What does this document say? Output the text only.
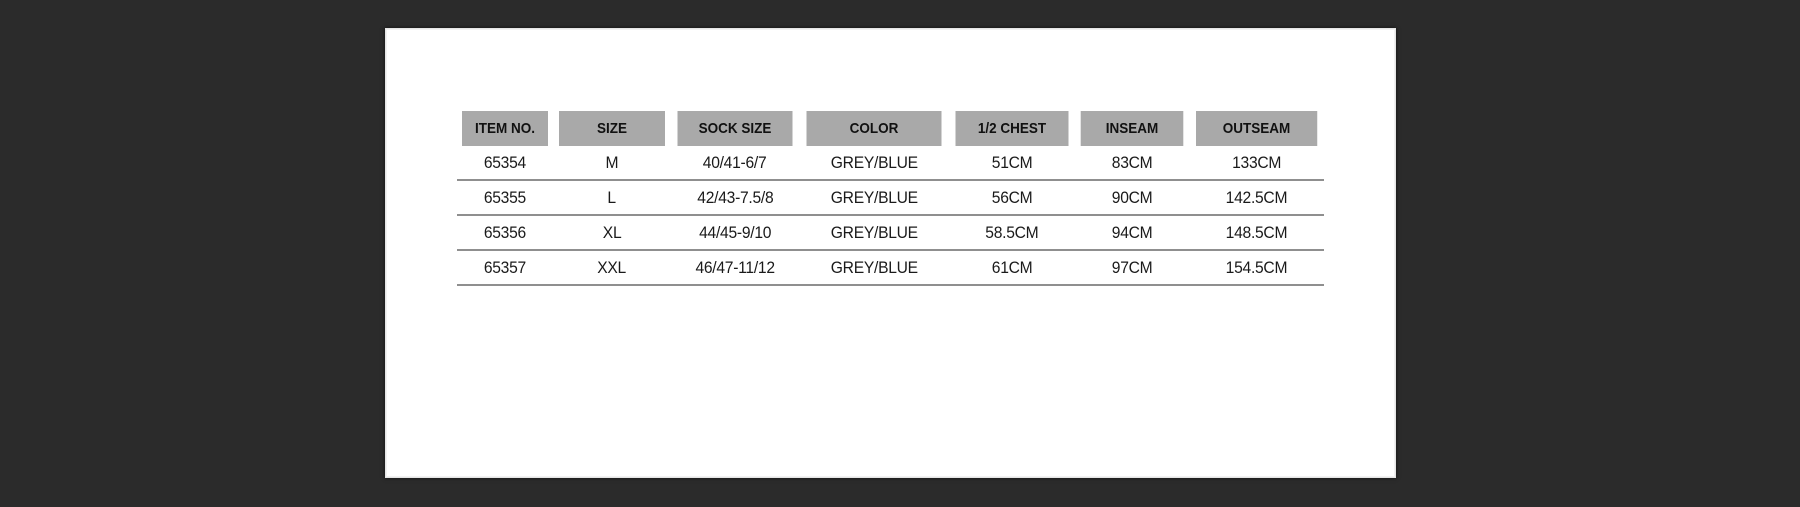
ITEM NO.	SIZE	SOCK SIZE	COLOR	1/2 CHEST	INSEAM	OUTSEAM
65354	M	40/41-6/7	GREY/BLUE	51CM	83CM	133CM
65355	L	42/43-7.5/8	GREY/BLUE	56CM	90CM	142.5CM
65356	XL	44/45-9/10	GREY/BLUE	58.5CM	94CM	148.5CM
65357	XXL	46/47-11/12	GREY/BLUE	61CM	97CM	154.5CM
